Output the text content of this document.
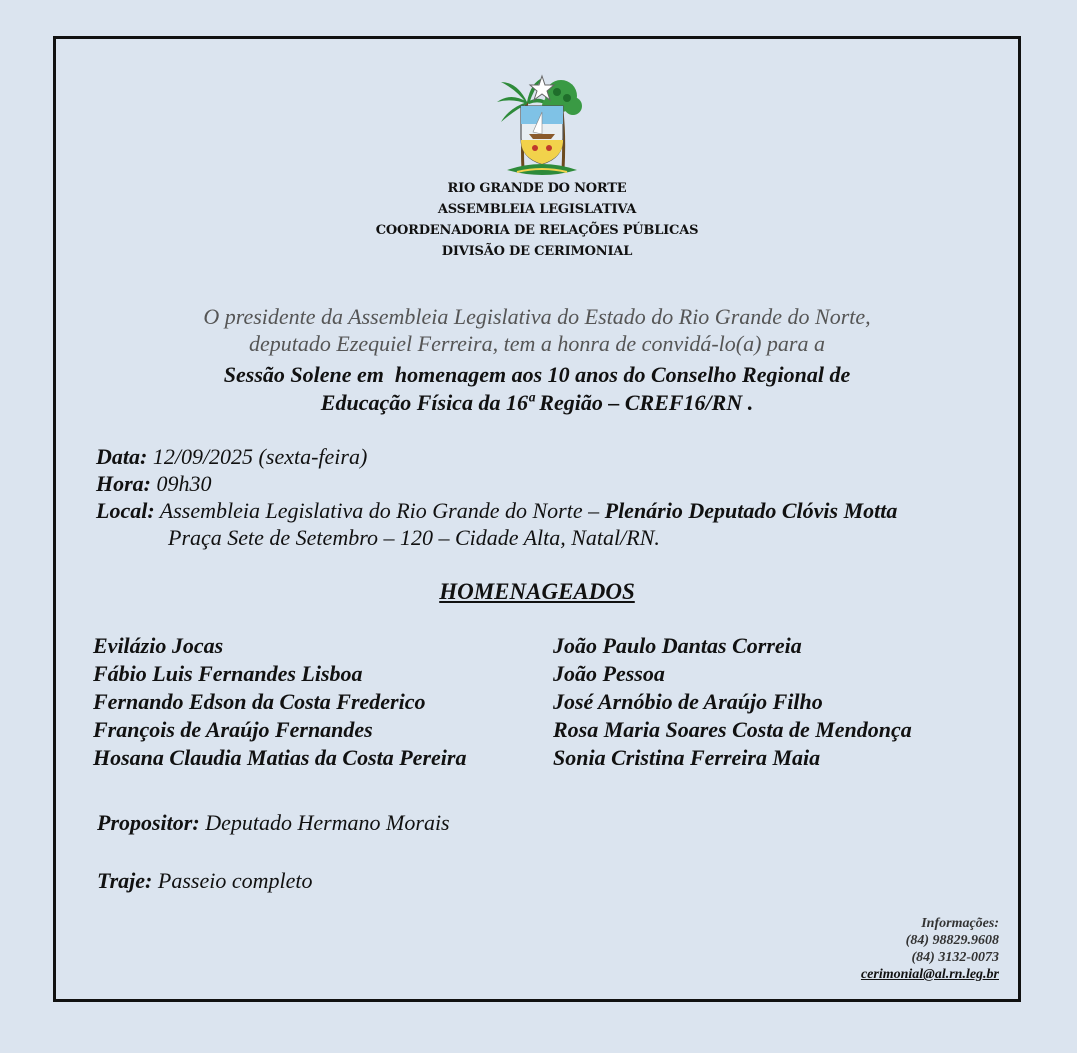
RIO GRANDE DO NORTE
ASSEMBLEIA LEGISLATIVA
COORDENADORIA DE RELAÇÕES PÚBLICAS
DIVISÃO DE CERIMONIAL
O presidente da Assembleia Legislativa do Estado do Rio Grande do Norte,
deputado Ezequiel Ferreira, tem a honra de convidá-lo(a) para a
Sessão Solene em  homenagem aos 10 anos do Conselho Regional de
Educação Física da 16ª Região – CREF16/RN .
Data: 12/09/2025 (sexta-feira)
Hora: 09h30
Local: Assembleia Legislativa do Rio Grande do Norte – Plenário Deputado Clóvis Motta
Praça Sete de Setembro – 120 – Cidade Alta, Natal/RN.
HOMENAGEADOS
Evilázio Jocas
Fábio Luis Fernandes Lisboa
Fernando Edson da Costa Frederico
François de Araújo Fernandes
Hosana Claudia Matias da Costa Pereira
João Paulo Dantas Correia
João Pessoa
José Arnóbio de Araújo Filho
Rosa Maria Soares Costa de Mendonça
Sonia Cristina Ferreira Maia
Propositor: Deputado Hermano Morais
Traje: Passeio completo
Informações:
(84) 98829.9608
(84) 3132-0073
cerimonial@al.rn.leg.br
